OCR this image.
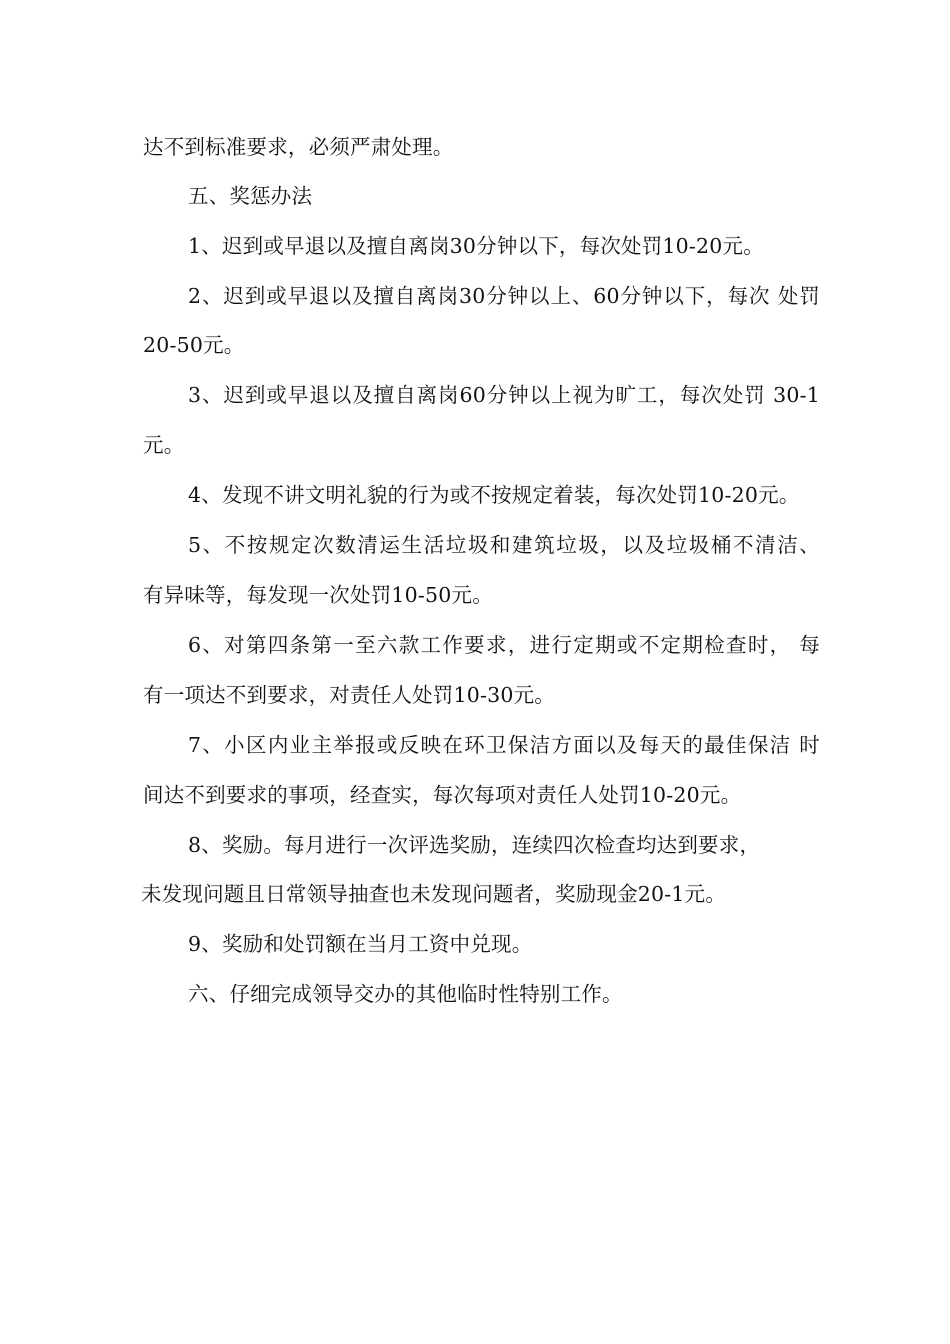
达不到标准要求，必须严肃处理。
五、奖惩办法
1、迟到或早退以及擅自离岗30分钟以下，每次处罚10-20元。
2、迟到或早退以及擅自离岗30分钟以上、60分钟以下，每次 处罚
20-50元。
3、迟到或早退以及擅自离岗60分钟以上视为旷工，每次处罚 30-1
元。
4、发现不讲文明礼貌的行为或不按规定着装，每次处罚10-20元。
5、不按规定次数清运生活垃圾和建筑垃圾，以及垃圾桶不清洁、
有异味等，每发现一次处罚10-50元。
6、对第四条第一至六款工作要求，进行定期或不定期检查时， 每
有一项达不到要求，对责任人处罚10-30元。
7、小区内业主举报或反映在环卫保洁方面以及每天的最佳保洁 时
间达不到要求的事项，经查实，每次每项对责任人处罚10-20元。
8、奖励。每月进行一次评选奖励，连续四次检查均达到要求，
未发现问题且日常领导抽查也未发现问题者，奖励现金20-1元。
9、奖励和处罚额在当月工资中兑现。
六、仔细完成领导交办的其他临时性特别工作。
